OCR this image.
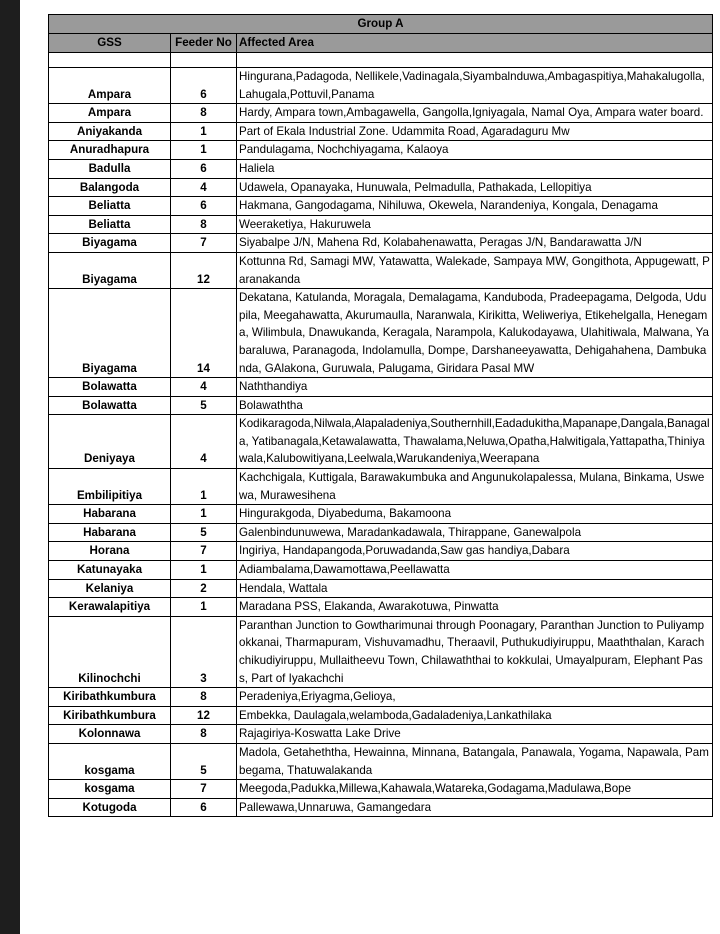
Group A		
GSS	Feeder No	Affected Area

Ampara	6	Hingurana,Padagoda, Nellikele,Vadinagala,Siyambalnduwa,Ambagaspitiya,Mahakalugolla,Lahugala,Pottuvil,Panama
Ampara	8	Hardy, Ampara town,Ambagawella, Gangolla,Igniyagala, Namal Oya, Ampara water board.
Aniyakanda	1	Part of Ekala Industrial Zone. Udammita Road, Agaradaguru Mw
Anuradhapura	1	Pandulagama, Nochchiyagama, Kalaoya
Badulla	6	Haliela
Balangoda	4	Udawela, Opanayaka, Hunuwala, Pelmadulla, Pathakada, Lellopitiya
Beliatta	6	Hakmana, Gangodagama, Nihiluwa, Okewela, Narandeniya, Kongala, Denagama
Beliatta	8	Weeraketiya, Hakuruwela
Biyagama	7	Siyabalpe J/N, Mahena Rd, Kolabahenawatta, Peragas J/N, Bandarawatta J/N
Biyagama	12	Kottunna Rd, Samagi MW, Yatawatta, Walekade, Sampaya MW, Gongithota, Appugewatt, Paranakanda
Biyagama	14	Dekatana, Katulanda, Moragala, Demalagama, Kanduboda, Pradeepagama, Delgoda, Udupila, Meegahawatta, Akurumaulla, Naranwala, Kirikitta, Weliweriya, Etikehelgalla, Henegama, Wilimbula, Dnawukanda, Keragala, Narampola, Kalukodayawa, Ulahitiwala, Malwana, Yabaraluwa, Paranagoda, Indolamulla, Dompe, Darshaneeyawatta, Dehigahahena, Dambukanda, GAlakona, Guruwala, Palugama, Giridara Pasal MW
Bolawatta	4	Naththandiya
Bolawatta	5	Bolawaththa
Deniyaya	4	Kodikaragoda,Nilwala,Alapaladeniya,Southernhill,Eadadukitha,Mapanape,Dangala,Banagala, Yatibanagala,Ketawalawatta, Thawalama,Neluwa,Opatha,Halwitigala,Yattapatha,Thiniyawala,Kalubowitiyana,Leelwala,Warukandeniya,Weerapana
Embilipitiya	1	Kachchigala, Kuttigala, Barawakumbuka and Angunukolapalessa, Mulana, Binkama, Uswewa, Murawesihena
Habarana	1	Hingurakgoda, Diyabeduma, Bakamoona
Habarana	5	Galenbindunuwewa, Maradankadawala, Thirappane, Ganewalpola
Horana	7	Ingiriya, Handapangoda,Poruwadanda,Saw gas handiya,Dabara
Katunayaka	1	Adiambalama,Dawamottawa,Peellawatta
Kelaniya	2	Hendala, Wattala
Kerawalapitiya	1	Maradana PSS, Elakanda, Awarakotuwa, Pinwatta
Kilinochchi	3	Paranthan Junction to Gowtharimunai through Poonagary, Paranthan Junction to Puliyampokkanai, Tharmapuram, Vishuvamadhu, Theraavil, Puthukudiyiruppu, Maaththalan, Karachchikudiyiruppu, Mullaitheevu Town, Chilawaththai to kokkulai, Umayalpuram, Elephant Pass, Part of Iyakachchi
Kiribathkumbura	8	Peradeniya,Eriyagma,Gelioya,
Kiribathkumbura	12	Embekka, Daulagala,welamboda,Gadaladeniya,Lankathilaka
Kolonnawa	8	Rajagiriya-Koswatta Lake Drive
kosgama	5	Madola, Getaheththa, Hewainna, Minnana, Batangala, Panawala, Yogama, Napawala, Pambegama, Thatuwalakanda
kosgama	7	Meegoda,Padukka,Millewa,Kahawala,Watareka,Godagama,Madulawa,Bope
Kotugoda	6	Pallewawa,Unnaruwa, Gamangedara
